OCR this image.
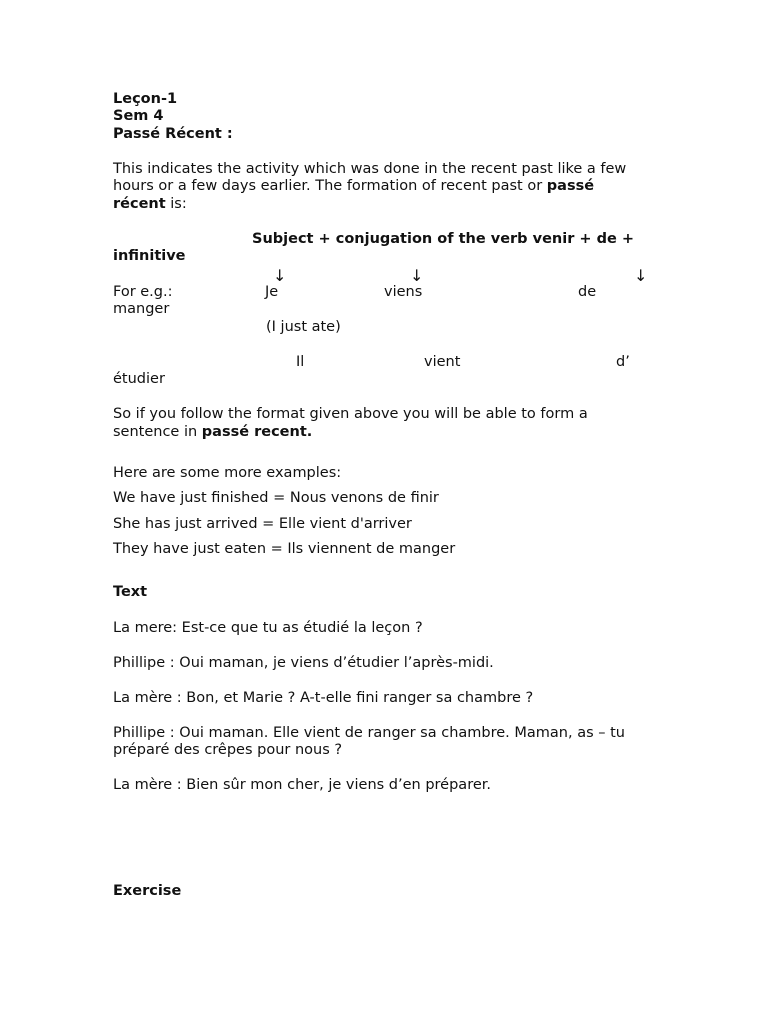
Leçon-1
Sem 4
Passé Récent :
This indicates the activity which was done in the recent past like a few
hours or a few days earlier. The formation of recent past or passé
récent is:
Subject + conjugation of the verb venir + de +
infinitive
↓	↓	↓
For e.g.:	Je	viens	de
manger
(I just ate)
Il	vient	d’
étudier
So if you follow the format given above you will be able to form a
sentence in passé recent.
Here are some more examples:
We have just finished = Nous venons de finir
She has just arrived = Elle vient d'arriver
They have just eaten = Ils viennent de manger
Text
La mere: Est-ce que tu as étudié la leçon ?
Phillipe : Oui maman, je viens d’étudier l’après-midi.
La mère : Bon, et Marie ? A-t-elle fini ranger sa chambre ?
Phillipe : Oui maman. Elle vient de ranger sa chambre. Maman, as – tu
préparé des crêpes pour nous ?
La mère : Bien sûr mon cher, je viens d’en préparer.
Exercise
